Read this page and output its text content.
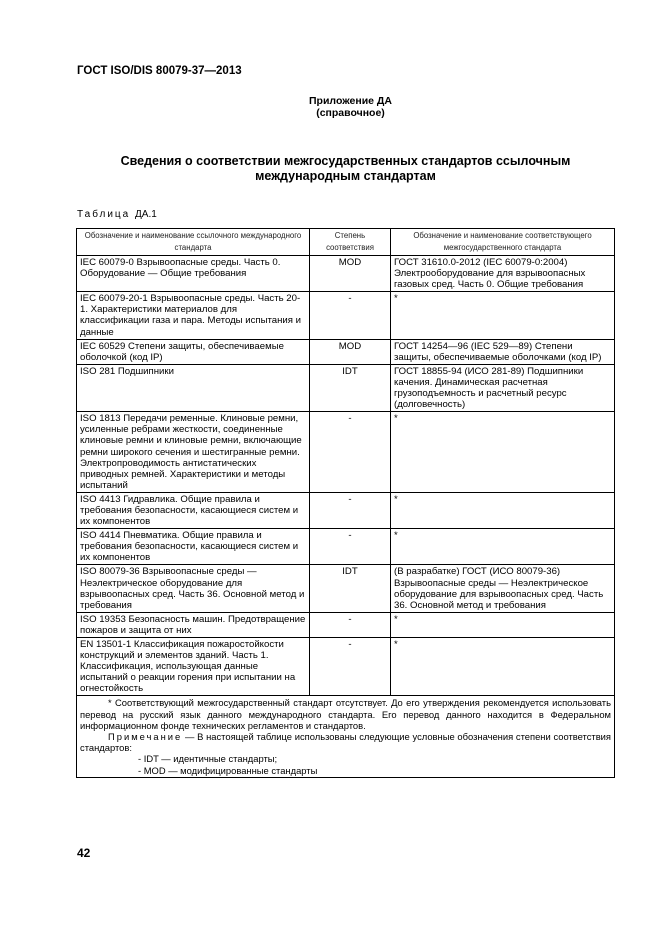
ГОСТ ISO/DIS 80079-37—2013
Приложение ДА
(справочное)
Сведения о соответствии межгосударственных стандартов ссылочным
международным стандартам
Таблица ДА.1
Обозначение и наименование ссылочного международного стандарта	Степень соответствия	Обозначение и наименование соответствующего межгосударственного стандарта
IEC 60079-0 Взрывоопасные среды. Часть 0. Оборудование — Общие требования	MOD	ГОСТ 31610.0-2012 (IEC 60079-0:2004) Электрооборудование для взрывоопасных газовых сред. Часть 0. Общие требования
IEC 60079-20-1 Взрывоопасные среды. Часть 20-1. Характеристики материалов для классификации газа и пара. Методы испытания и данные	-	*
IEC 60529 Степени защиты, обеспечиваемые оболочкой (код IP)	MOD	ГОСТ 14254—96 (IEC 529—89) Степени защиты, обеспечиваемые оболочками (код IP)
ISO 281 Подшипники	IDT	ГОСТ 18855-94 (ИСО 281-89) Подшипники качения. Динамическая расчетная грузоподъемность и расчетный ресурс (долговечность)
ISO 1813 Передачи ременные. Клиновые ремни, усиленные ребрами жесткости, соединенные клиновые ремни и клиновые ремни, включающие ремни широкого сечения и шестигранные ремни. Электропроводимость антистатических приводных ремней. Характеристики и методы испытаний	-	*
ISO 4413 Гидравлика. Общие правила и требования безопасности, касающиеся систем и их компонентов	-	*
ISO 4414 Пневматика. Общие правила и требования безопасности, касающиеся систем и их компонентов	-	*
ISO 80079-36 Взрывоопасные среды — Неэлектрическое оборудование для взрывоопасных сред. Часть 36. Основной метод и требования	IDT	(В разрабатке) ГОСТ (ИСО 80079-36) Взрывоопасные среды — Неэлектрическое оборудование для взрывоопасных сред. Часть 36. Основной метод и требования
ISO 19353 Безопасность машин. Предотвращение пожаров и защита от них	-	*
EN 13501-1 Классификация пожаростойкости конструкций и элементов зданий. Часть 1. Классификация, использующая данные испытаний о реакции горения при испытании на огнестойкость	-	*

* Соответствующий межгосударственный стандарт отсутствует. До его утверждения рекомендуется использовать перевод на русский язык данного международного стандарта. Его перевод данного находится в Федеральном информационном фонде технических регламентов и стандартов.

Примечание — В настоящей таблице использованы следующие условные обозначения степени соответствия стандартов:

- IDT — идентичные стандарты;

- MOD — модифицированные стандарты		

42
